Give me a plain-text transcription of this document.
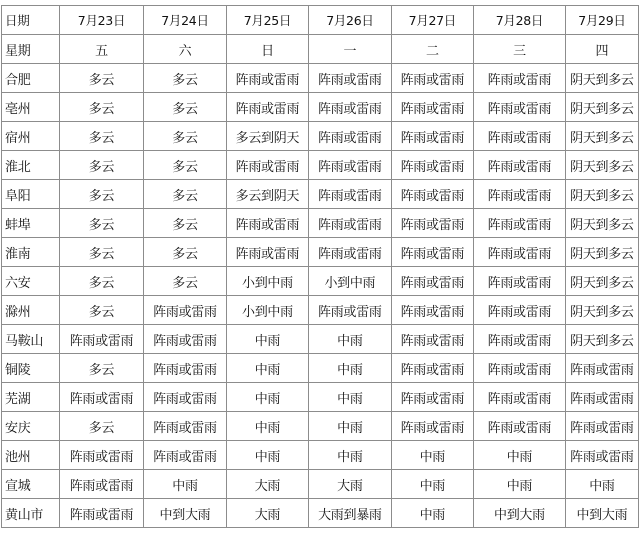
日期	7月23日	7月24日	7月25日	7月26日	7月27日	7月28日	7月29日
星期	五	六	日	一	二	三	四
合肥	多云	多云	阵雨或雷雨	阵雨或雷雨	阵雨或雷雨	阵雨或雷雨	阴天到多云
亳州	多云	多云	阵雨或雷雨	阵雨或雷雨	阵雨或雷雨	阵雨或雷雨	阴天到多云
宿州	多云	多云	多云到阴天	阵雨或雷雨	阵雨或雷雨	阵雨或雷雨	阴天到多云
淮北	多云	多云	阵雨或雷雨	阵雨或雷雨	阵雨或雷雨	阵雨或雷雨	阴天到多云
阜阳	多云	多云	多云到阴天	阵雨或雷雨	阵雨或雷雨	阵雨或雷雨	阴天到多云
蚌埠	多云	多云	阵雨或雷雨	阵雨或雷雨	阵雨或雷雨	阵雨或雷雨	阴天到多云
淮南	多云	多云	阵雨或雷雨	阵雨或雷雨	阵雨或雷雨	阵雨或雷雨	阴天到多云
六安	多云	多云	小到中雨	小到中雨	阵雨或雷雨	阵雨或雷雨	阴天到多云
滁州	多云	阵雨或雷雨	小到中雨	阵雨或雷雨	阵雨或雷雨	阵雨或雷雨	阴天到多云
马鞍山	阵雨或雷雨	阵雨或雷雨	中雨	中雨	阵雨或雷雨	阵雨或雷雨	阴天到多云
铜陵	多云	阵雨或雷雨	中雨	中雨	阵雨或雷雨	阵雨或雷雨	阵雨或雷雨
芜湖	阵雨或雷雨	阵雨或雷雨	中雨	中雨	阵雨或雷雨	阵雨或雷雨	阵雨或雷雨
安庆	多云	阵雨或雷雨	中雨	中雨	阵雨或雷雨	阵雨或雷雨	阵雨或雷雨
池州	阵雨或雷雨	阵雨或雷雨	中雨	中雨	中雨	中雨	阵雨或雷雨
宣城	阵雨或雷雨	中雨	大雨	大雨	中雨	中雨	中雨
黄山市	阵雨或雷雨	中到大雨	大雨	大雨到暴雨	中雨	中到大雨	中到大雨
